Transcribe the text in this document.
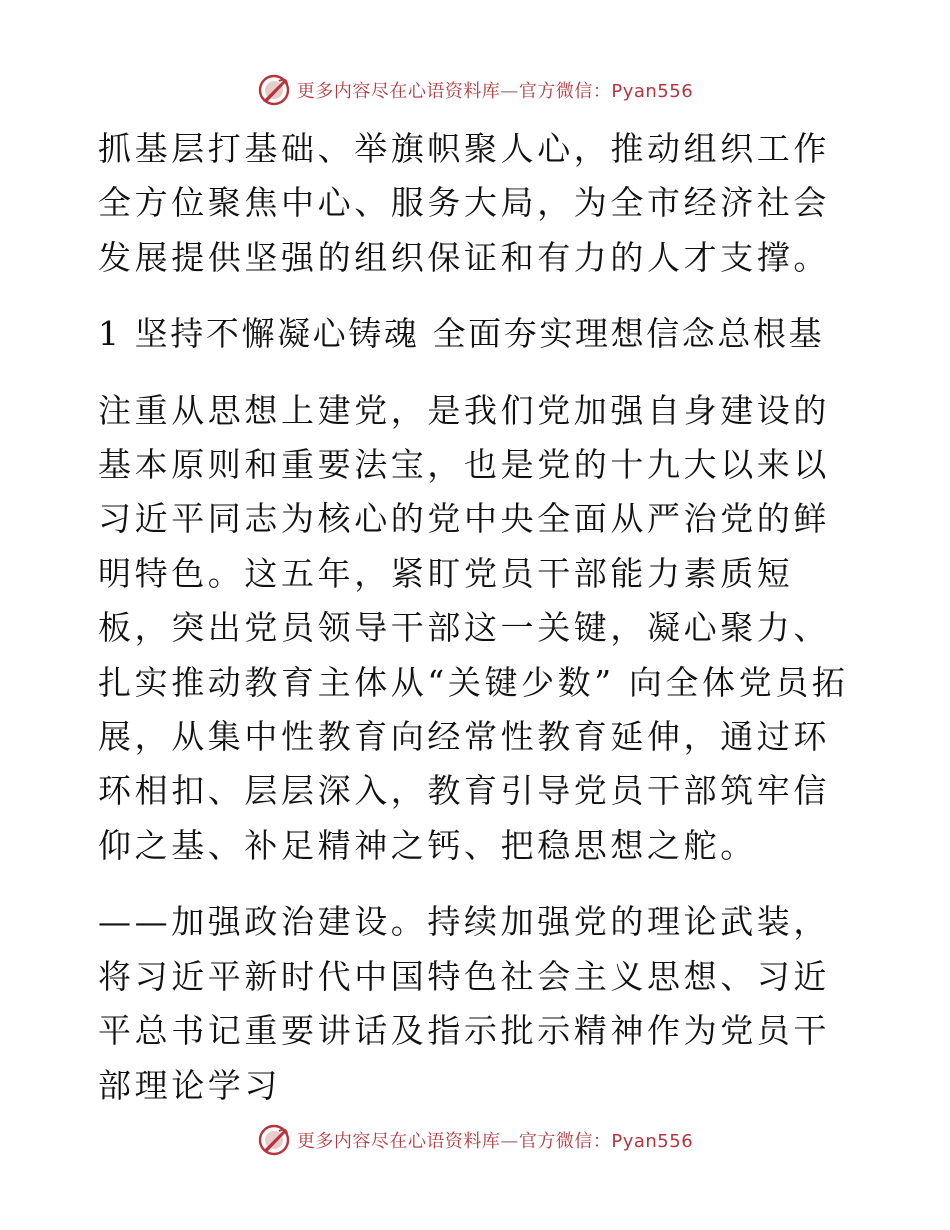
更多内容尽在心语资料库—官方微信：Pyan556

抓基层打基础、举旗帜聚人心，推动组织工作全方位聚焦中心、服务大局，为全市经济社会发展提供坚强的组织保证和有力的人才支撑。

1 坚持不懈凝心铸魂 全面夯实理想信念总根基

注重从思想上建党，是我们党加强自身建设的基本原则和重要法宝，也是党的十九大以来以习近平同志为核心的党中央全面从严治党的鲜明特色。这五年，紧盯党员干部能力素质短板，突出党员领导干部这一关键，凝心聚力、扎实推动教育主体从“关键少数” 向全体党员拓展，从集中性教育向经常性教育延伸，通过环环相扣、层层深入，教育引导党员干部筑牢信仰之基、补足精神之钙、把稳思想之舵。

——加强政治建设。持续加强党的理论武装，将习近平新时代中国特色社会主义思想、习近平总书记重要讲话及指示批示精神作为党员干部理论学习

更多内容尽在心语资料库—官方微信：Pyan556
